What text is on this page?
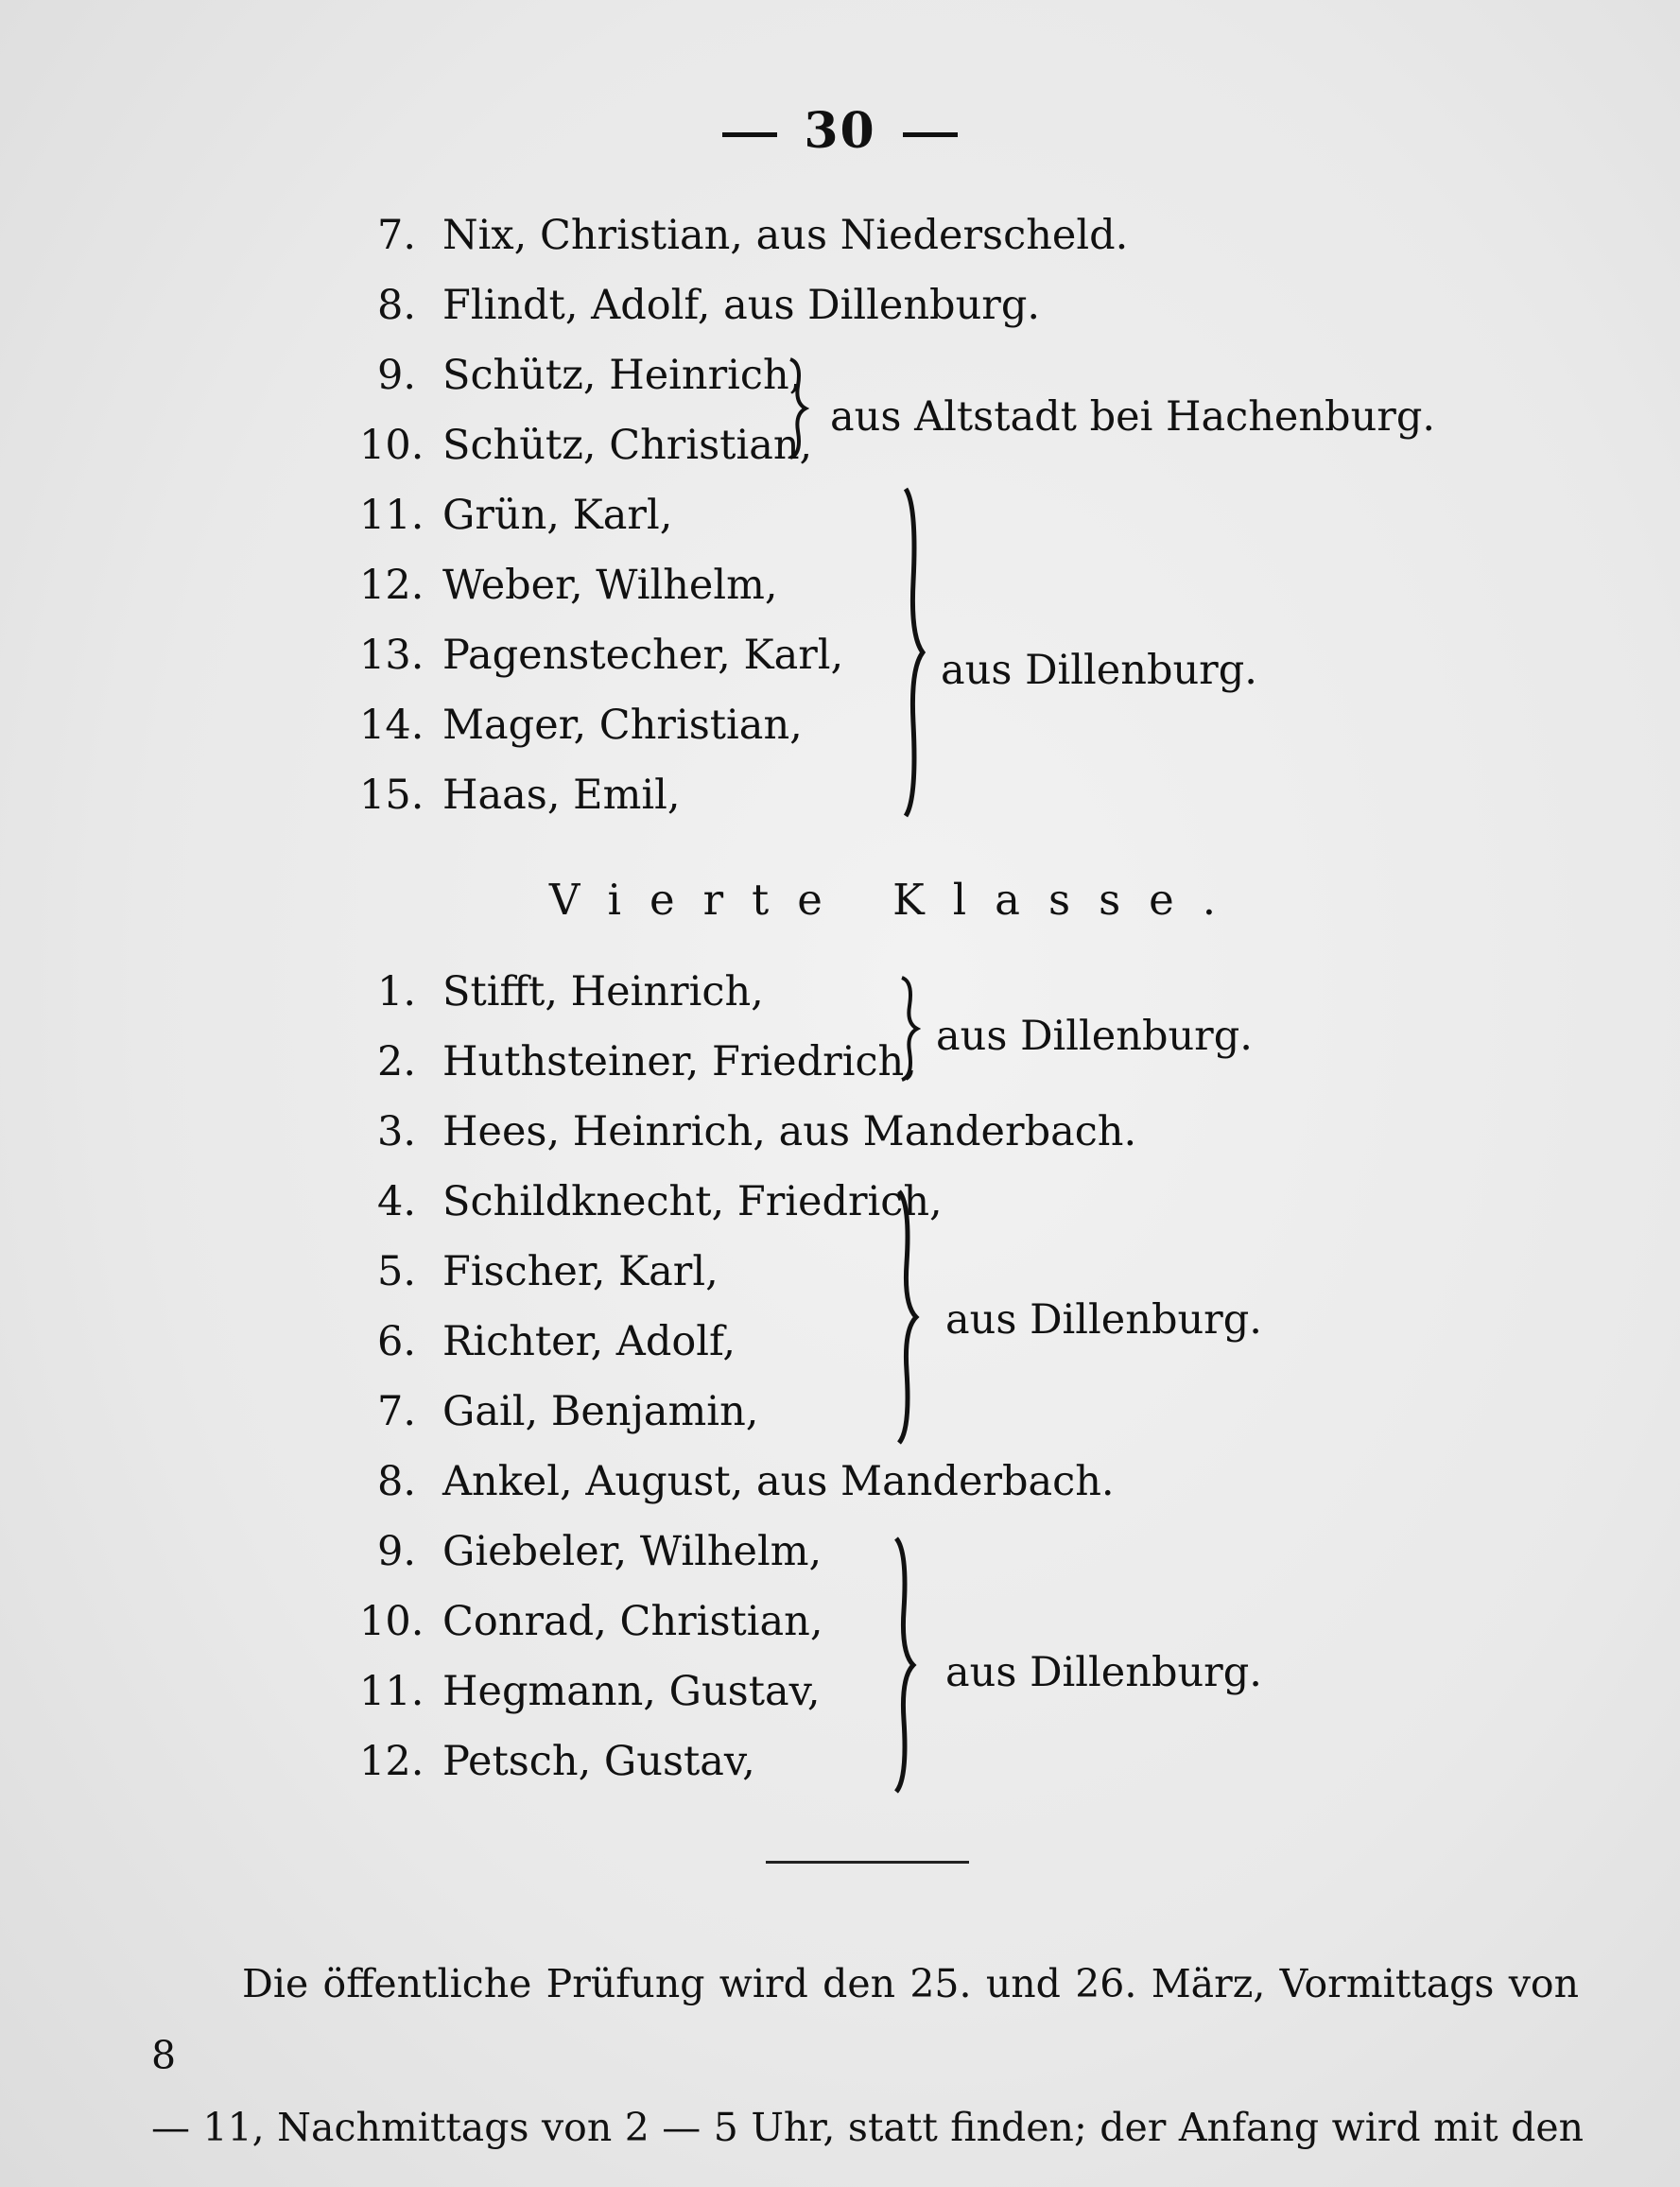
30
7. Nix, Christian, aus Niederscheld.
8. Flindt, Adolf, aus Dillenburg.
9. Schütz, Heinrich,
10. Schütz, Christian,
aus Altstadt bei Hachenburg.
11. Grün, Karl,
12. Weber, Wilhelm,
13. Pagenstecher, Karl,
14. Mager, Christian,
15. Haas, Emil,
aus Dillenburg.
Vierte Klasse.
1. Stifft, Heinrich,
2. Huthsteiner, Friedrich,
aus Dillenburg.
3. Hees, Heinrich, aus Manderbach.
4. Schildknecht, Friedrich,
5. Fischer, Karl,
6. Richter, Adolf,
7. Gail, Benjamin,
aus Dillenburg.
8. Ankel, August, aus Manderbach.
9. Giebeler, Wilhelm,
10. Conrad, Christian,
11. Hegmann, Gustav,
12. Petsch, Gustav,
aus Dillenburg.
Die öffentliche Prüfung wird den 25. und 26. März, Vormittags von 8
— 11, Nachmittags von 2 — 5 Uhr, statt finden; der Anfang wird mit den
